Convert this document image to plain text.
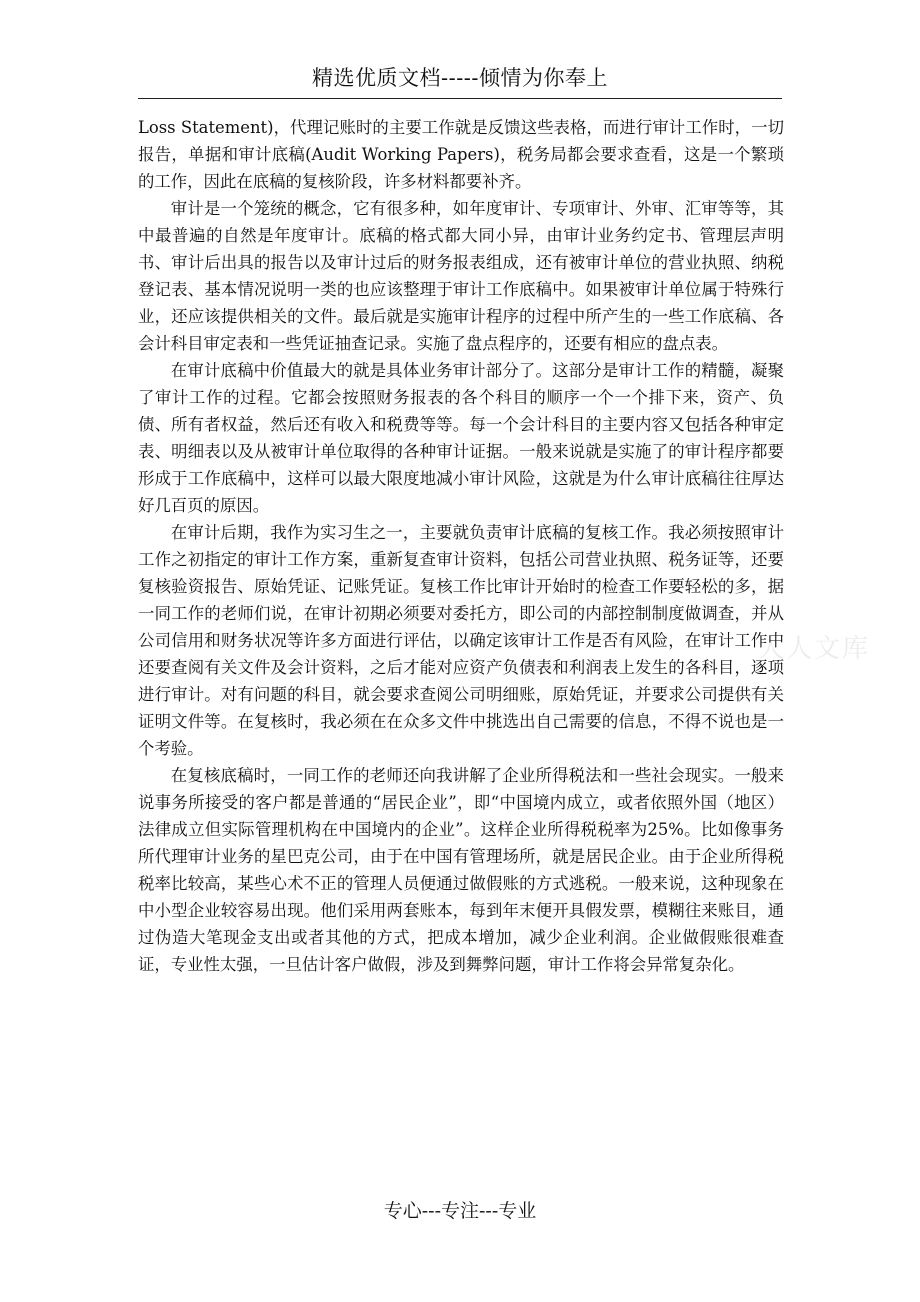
精选优质文档-----倾情为你奉上
人人文库

Loss Statement)，代理记账时的主要工作就是反馈这些表格，而进行审计工作时，一切报告，单据和审计底稿(Audit Working Papers)，税务局都会要求查看，这是一个繁琐的工作，因此在底稿的复核阶段，许多材料都要补齐。

审计是一个笼统的概念，它有很多种，如年度审计、专项审计、外审、汇审等等，其中最普遍的自然是年度审计。底稿的格式都大同小异，由审计业务约定书、管理层声明书、审计后出具的报告以及审计过后的财务报表组成，还有被审计单位的营业执照、纳税登记表、基本情况说明一类的也应该整理于审计工作底稿中。如果被审计单位属于特殊行业，还应该提供相关的文件。最后就是实施审计程序的过程中所产生的一些工作底稿、各会计科目审定表和一些凭证抽查记录。实施了盘点程序的，还要有相应的盘点表。

在审计底稿中价值最大的就是具体业务审计部分了。这部分是审计工作的精髓，凝聚了审计工作的过程。它都会按照财务报表的各个科目的顺序一个一个排下来，资产、负债、所有者权益，然后还有收入和税费等等。每一个会计科目的主要内容又包括各种审定表、明细表以及从被审计单位取得的各种审计证据。一般来说就是实施了的审计程序都要形成于工作底稿中，这样可以最大限度地减小审计风险，这就是为什么审计底稿往往厚达好几百页的原因。

在审计后期，我作为实习生之一，主要就负责审计底稿的复核工作。我必须按照审计工作之初指定的审计工作方案，重新复查审计资料，包括公司营业执照、税务证等，还要复核验资报告、原始凭证、记账凭证。复核工作比审计开始时的检查工作要轻松的多，据一同工作的老师们说，在审计初期必须要对委托方，即公司的内部控制制度做调查，并从公司信用和财务状况等许多方面进行评估，以确定该审计工作是否有风险，在审计工作中还要查阅有关文件及会计资料，之后才能对应资产负债表和利润表上发生的各科目，逐项进行审计。对有问题的科目，就会要求查阅公司明细账，原始凭证，并要求公司提供有关证明文件等。在复核时，我必须在在众多文件中挑选出自己需要的信息，不得不说也是一个考验。

在复核底稿时，一同工作的老师还向我讲解了企业所得税法和一些社会现实。一般来说事务所接受的客户都是普通的“居民企业”，即“中国境内成立，或者依照外国（地区）法律成立但实际管理机构在中国境内的企业”。这样企业所得税税率为25%。比如像事务所代理审计业务的星巴克公司，由于在中国有管理场所，就是居民企业。由于企业所得税税率比较高，某些心术不正的管理人员便通过做假账的方式逃税。一般来说，这种现象在中小型企业较容易出现。他们采用两套账本，每到年末便开具假发票，模糊往来账目，通过伪造大笔现金支出或者其他的方式，把成本增加，减少企业利润。企业做假账很难查证，专业性太强，一旦估计客户做假，涉及到舞弊问题，审计工作将会异常复杂化。

专心---专注---专业
